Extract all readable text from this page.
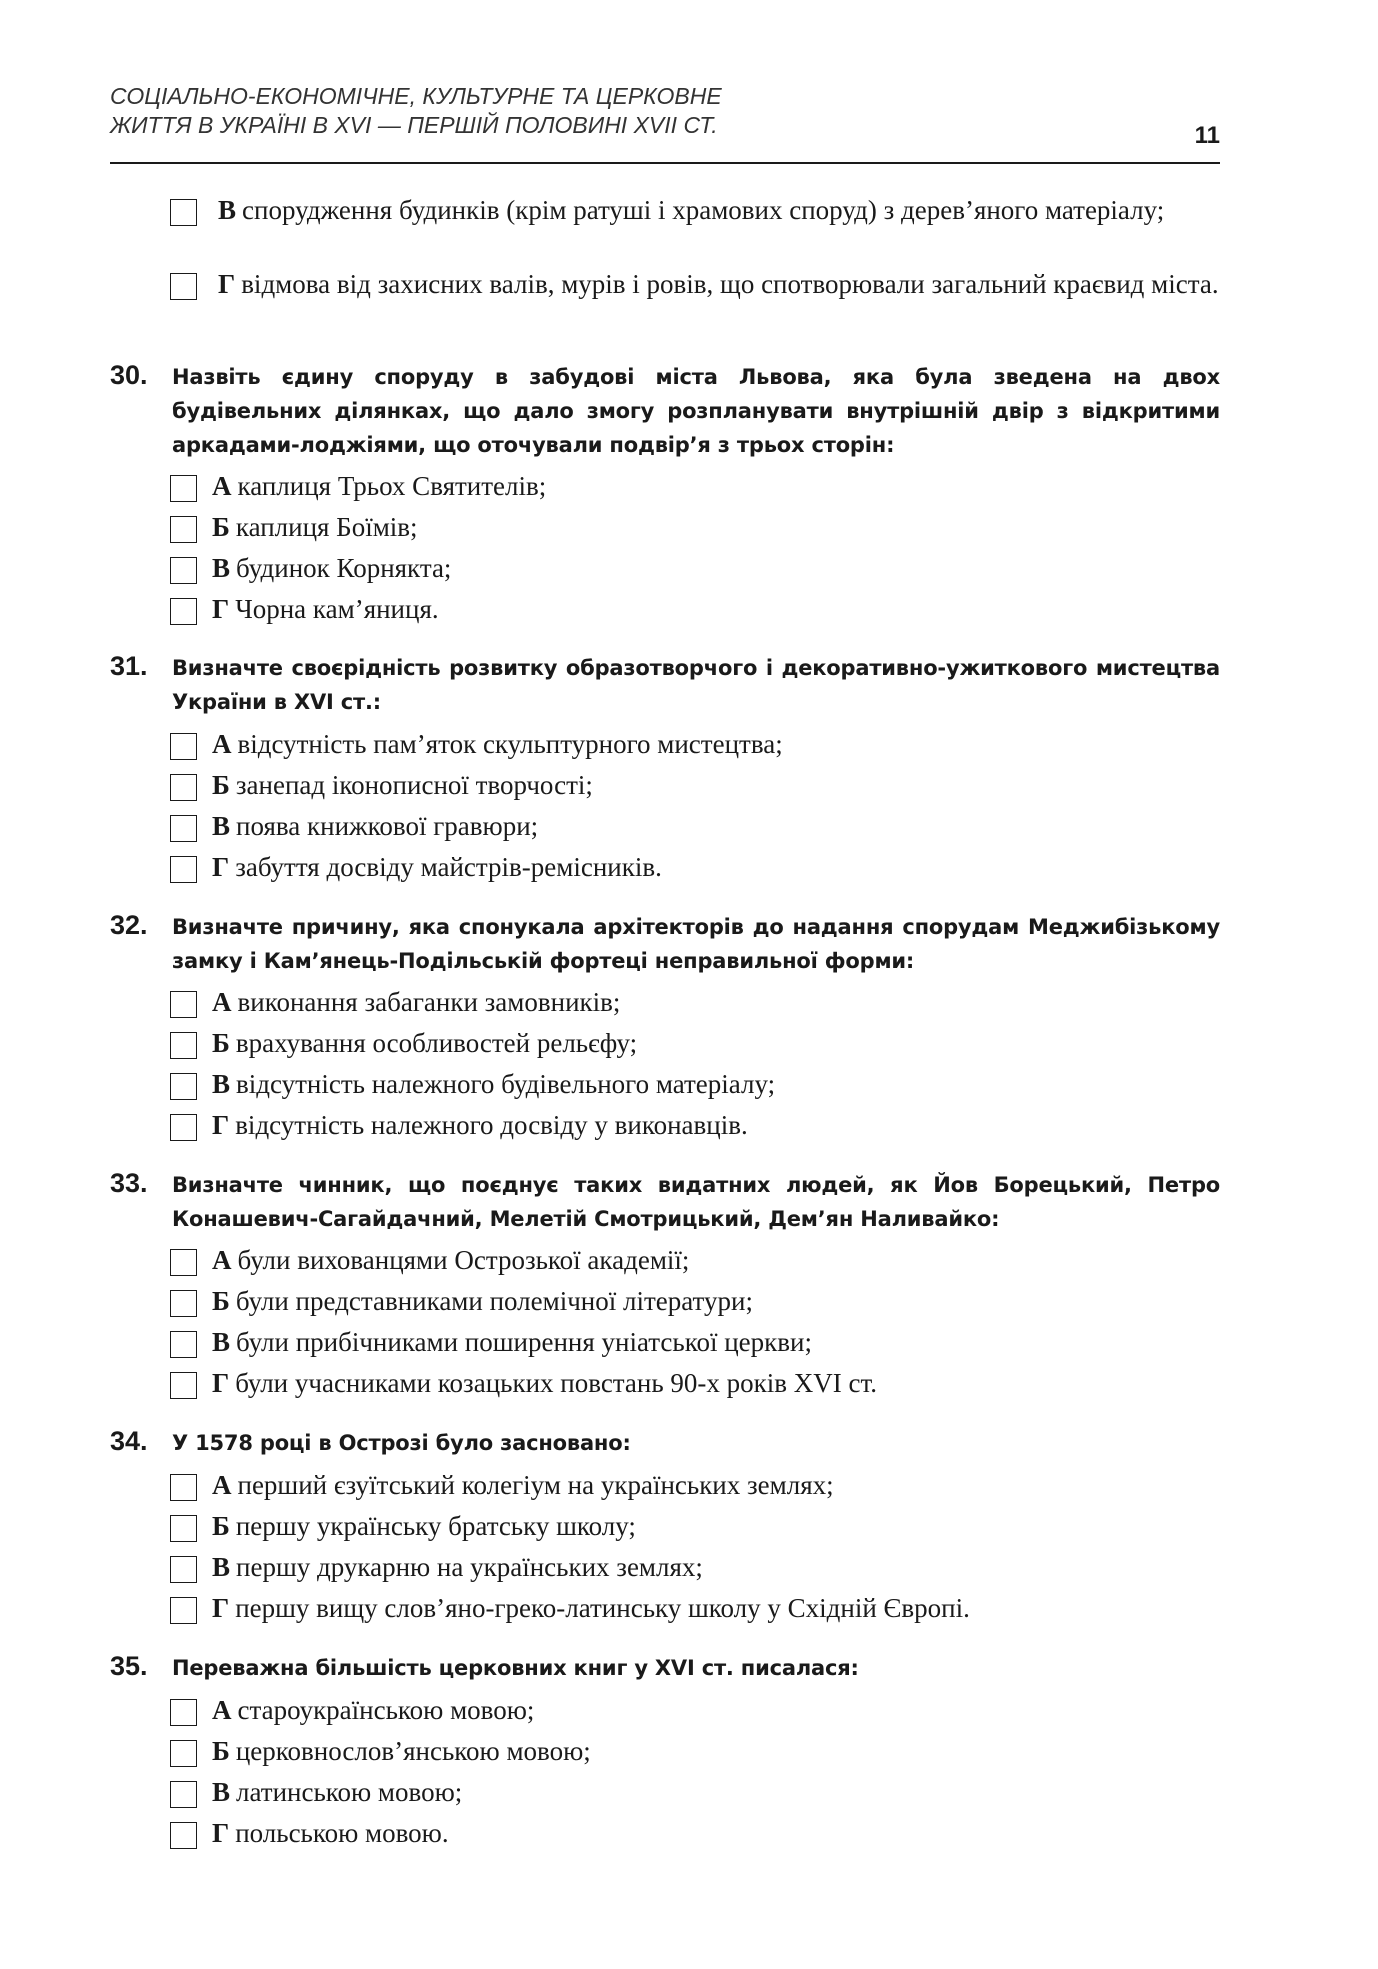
СОЦІАЛЬНО-ЕКОНОМІЧНЕ, КУЛЬТУРНЕ ТА ЦЕРКОВНЕ
ЖИТТЯ В УКРАЇНІ В XVI — ПЕРШІЙ ПОЛОВИНІ XVII СТ.	11
В спорудження будинків (крім ратуші і храмових споруд) з дерев’яного матеріалу;
Г відмова від захисних валів, мурів і ровів, що спотворювали загальний краєвид міста.
30.	Назвіть єдину споруду в забудові міста Львова, яка була зведена на двох будівельних ділянках, що дало змогу розпланувати внутрішній двір з відкритими аркадами-лоджіями, що оточували подвір’я з трьох сторін:
А каплиця Трьох Святителів;
Б каплиця Боїмів;
В будинок Корнякта;
Г Чорна кам’яниця.
31.	Визначте своєрідність розвитку образотворчого і декоративно-ужиткового мистецтва України в XVI ст.:
А відсутність пам’яток скульптурного мистецтва;
Б занепад іконописної творчості;
В поява книжкової гравюри;
Г забуття досвіду майстрів-ремісників.
32.	Визначте причину, яка спонукала архітекторів до надання спорудам Меджибізькому замку і Кам’янець-Подільській фортеці неправильної форми:
А виконання забаганки замовників;
Б врахування особливостей рельєфу;
В відсутність належного будівельного матеріалу;
Г відсутність належного досвіду у виконавців.
33.	Визначте чинник, що поєднує таких видатних людей, як Йов Борецький, Петро Конашевич-Сагайдачний, Мелетій Смотрицький, Дем’ян Наливайко:
А були вихованцями Острозької академії;
Б були представниками полемічної літератури;
В були прибічниками поширення уніатської церкви;
Г були учасниками козацьких повстань 90-х років XVI ст.
34.	У 1578 році в Острозі було засновано:
А перший єзуїтський колегіум на українських землях;
Б першу українську братську школу;
В першу друкарню на українських землях;
Г першу вищу слов’яно-греко-латинську школу у Східній Європі.
35.	Переважна більшість церковних книг у XVI ст. писалася:
А староукраїнською мовою;
Б церковнослов’янською мовою;
В латинською мовою;
Г польською мовою.
